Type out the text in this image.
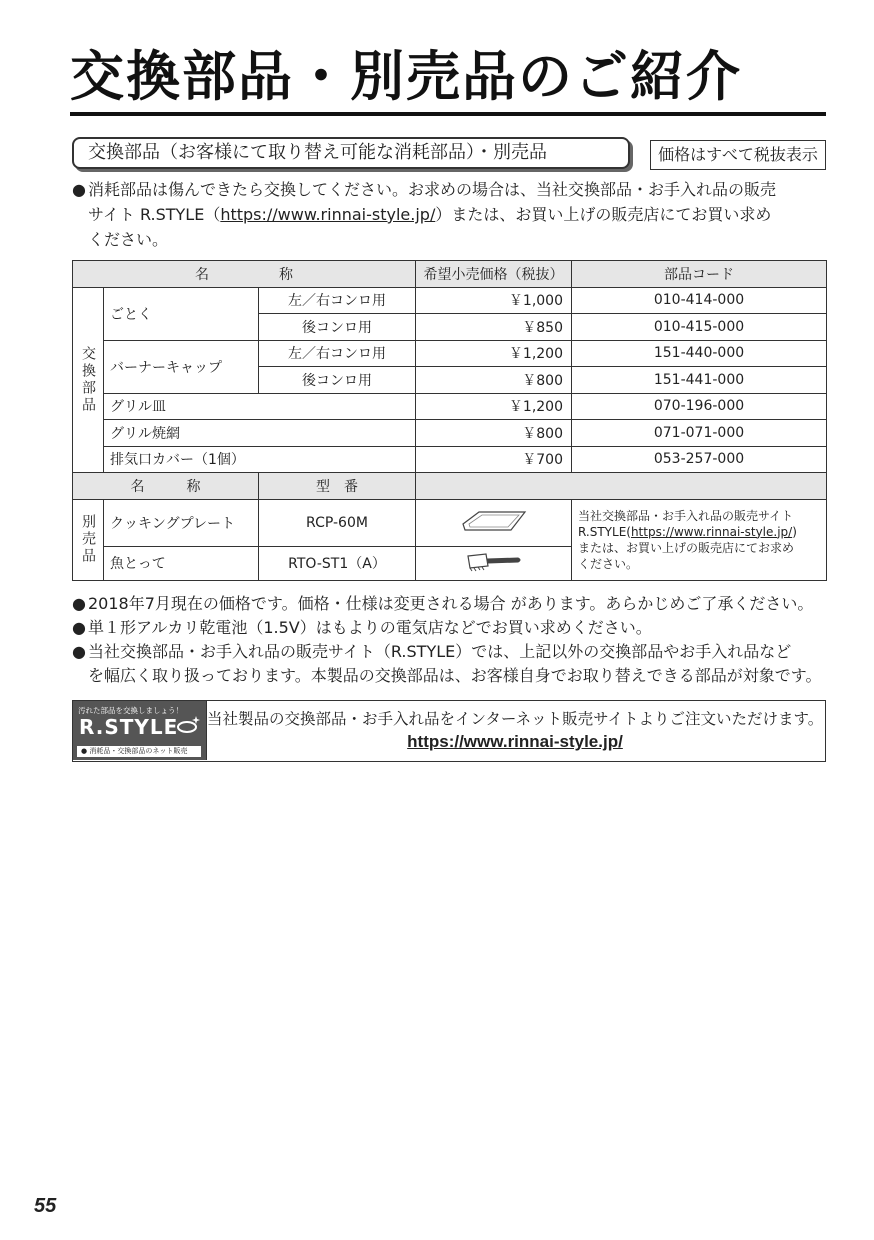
交換部品・別売品のご紹介
交換部品（お客様にて取り替え可能な消耗部品）・別売品	価格はすべて税抜表示
● 消耗部品は傷んできたら交換してください。お求めの場合は、当社交換部品・お手入れ品の販売
サイト R.STYLE（https://www.rinnai-style.jp/）または、お買い上げの販売店にてお買い求め
ください。
名　　　　　称			希望小売価格（税抜）	部品コード
交換部品	ごとく	左／右コンロ用	￥1,000	010-414-000
		後コンロ用	￥850	010-415-000
	バーナーキャップ	左／右コンロ用	￥1,200	151-440-000
		後コンロ用	￥800	151-441-000
	グリル皿		￥1,200	070-196-000
	グリル焼網		￥800	071-071-000
	排気口カバー（1個）		￥700	053-257-000
名　　　称		型　番		
別売品	クッキングプレート	RCP-60M		当社交換部品・お手入れ品の販売サイト
R.STYLE(https://www.rinnai-style.jp/)
または、お買い上げの販売店にてお求め
ください。
	魚とって	RTO-ST1（A）	
● 2018年7月現在の価格です。価格・仕様は変更される場合 があります。あらかじめご了承ください。
● 単１形アルカリ乾電池（1.5V）はもよりの電気店などでお買い求めください。
● 当社交換部品・お手入れ品の販売サイト（R.STYLE）では、上記以外の交換部品やお手入れ品など
を幅広く取り扱っております。本製品の交換部品は、お客様自身でお取り替えできる部品が対象です。
汚れた部品を交換しましょう！
R.STYLE
● 消耗品・交換部品のネット販売
当社製品の交換部品・お手入れ品をインターネット販売サイトよりご注文いただけます。
https://www.rinnai-style.jp/
55
